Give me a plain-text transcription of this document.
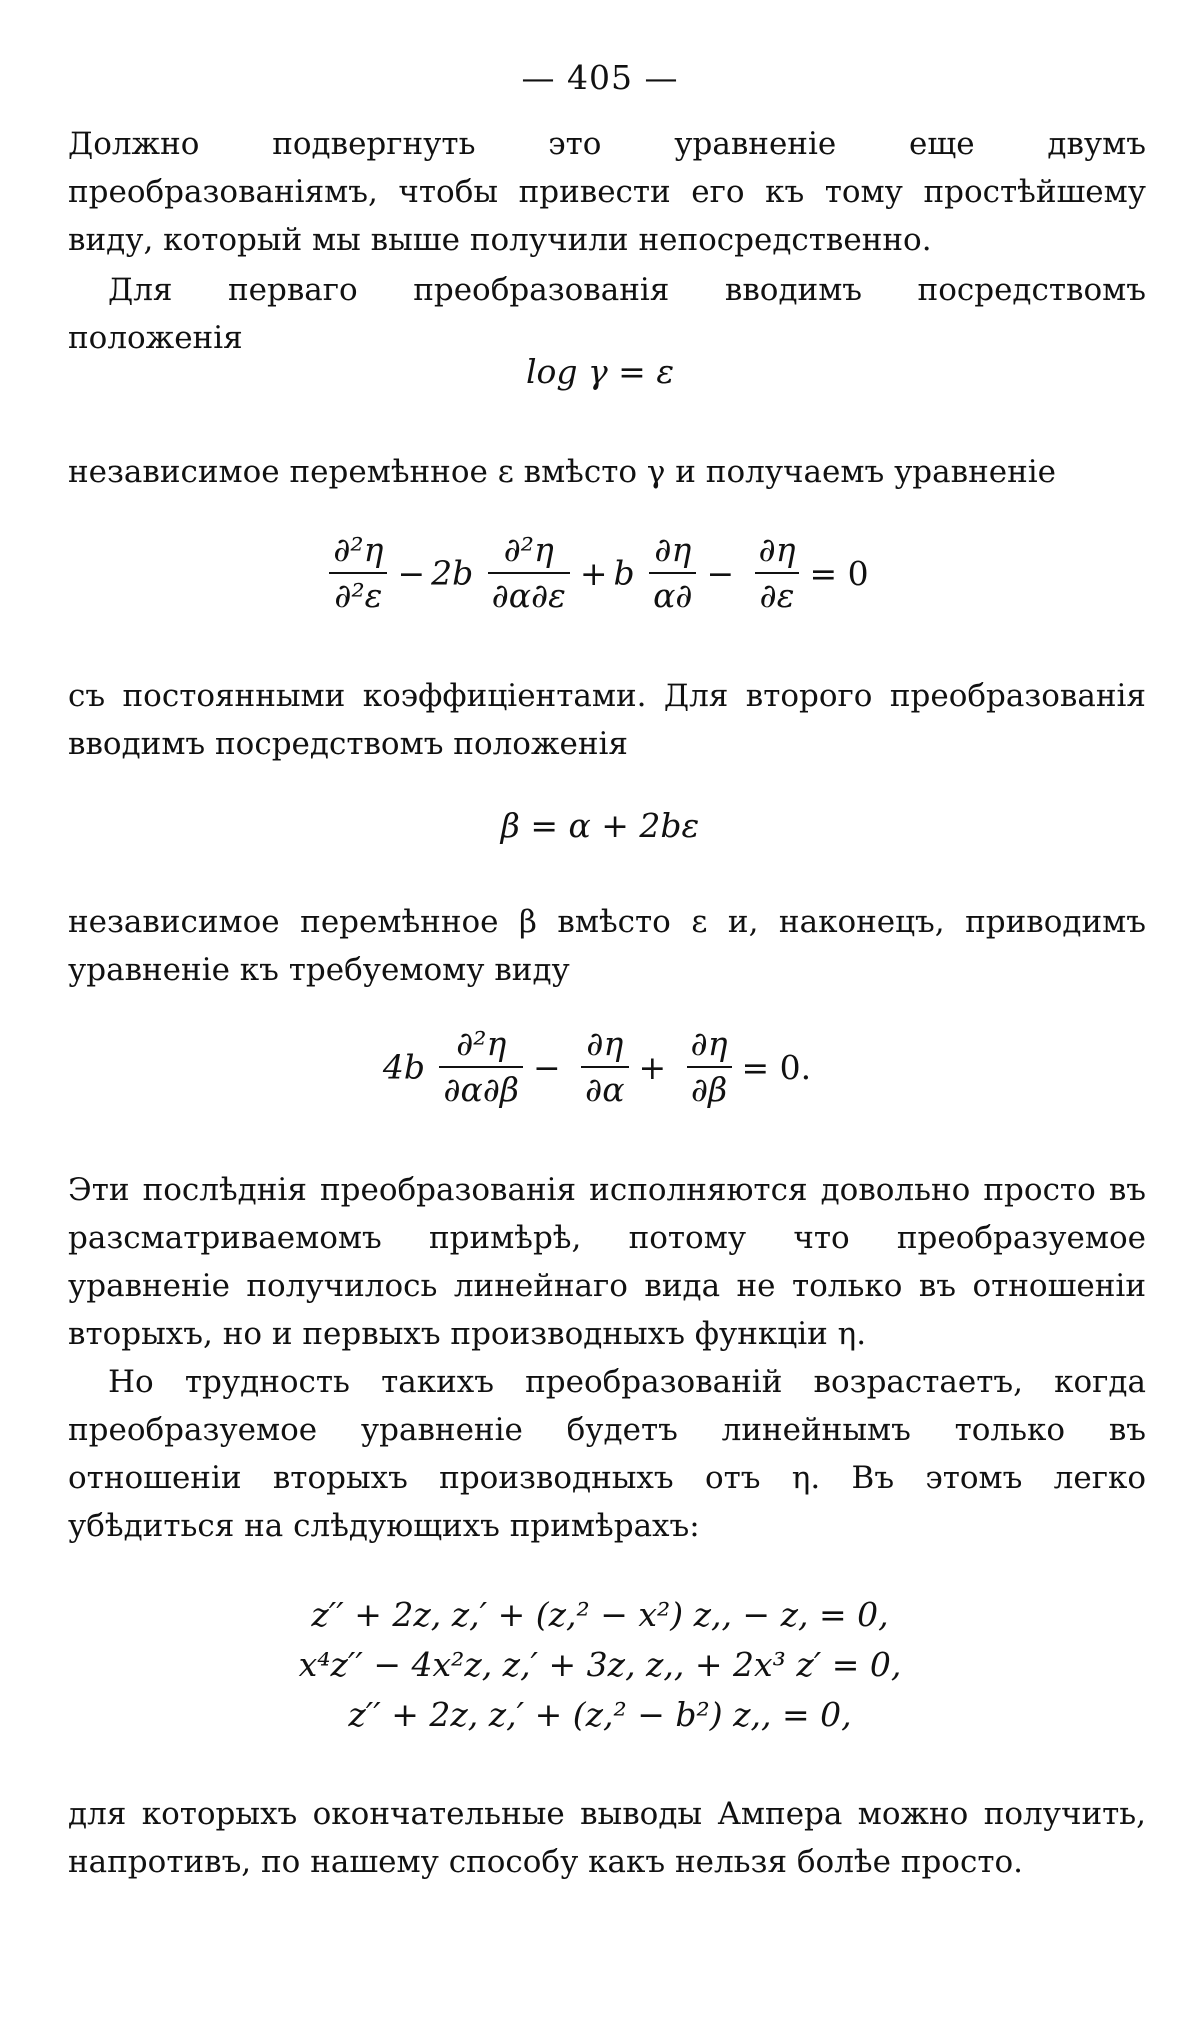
— 405 —

Должно подвергнуть это уравненіе еще двумъ преобразованіямъ, чтобы привести его къ тому простѣйшему виду, который мы выше получили непосредственно.

Для перваго преобразованія вводимъ посредствомъ положенія

log γ = ε

независимое перемѣнное ε вмѣсто γ и получаемъ уравненіе

$\frac{\text{∂²η}}{\text{∂²ε}} - 2b \frac{\text{∂²η}}{\partial\alpha\partial\varepsilon} + b \frac{\partial\eta}{\alpha\partial} - \frac{\partial\eta}{\partial\varepsilon} = 0$

съ постоянными коэффиціентами. Для второго преобразованія вводимъ посредствомъ положенія

β = α + 2bε

независимое перемѣнное β вмѣсто ε и, наконецъ, приводимъ уравненіе къ требуемому виду

$4b \frac{\text{∂²η}}{\partial\alpha\partial\beta} - \frac{\partial\eta}{\partial\alpha} + \frac{\partial\eta}{\partial\beta} = 0$.

Эти послѣднія преобразованія исполняются довольно просто въ разсматриваемомъ примѣрѣ, потому что преобразуемое уравненіе получилось линейнаго вида не только въ отношеніи вторыхъ, но и первыхъ производныхъ функціи η.

Но трудность такихъ преобразованій возрастаетъ, когда преобразуемое уравненіе будетъ линейнымъ только въ отношеніи вторыхъ производныхъ отъ η. Въ этомъ легко убѣдиться на слѣдующихъ примѣрахъ:

z′′ + 2z, z,′ + (z,² − x²) z,, − z, = 0,
x⁴z′′ − 4x²z, z,′ + 3z, z,, + 2x³ z′ = 0,
z′′ + 2z, z,′ + (z,² − b²) z,, = 0,

для которыхъ окончательные выводы Ампера можно получить, напротивъ, по нашему способу какъ нельзя болѣе просто.
